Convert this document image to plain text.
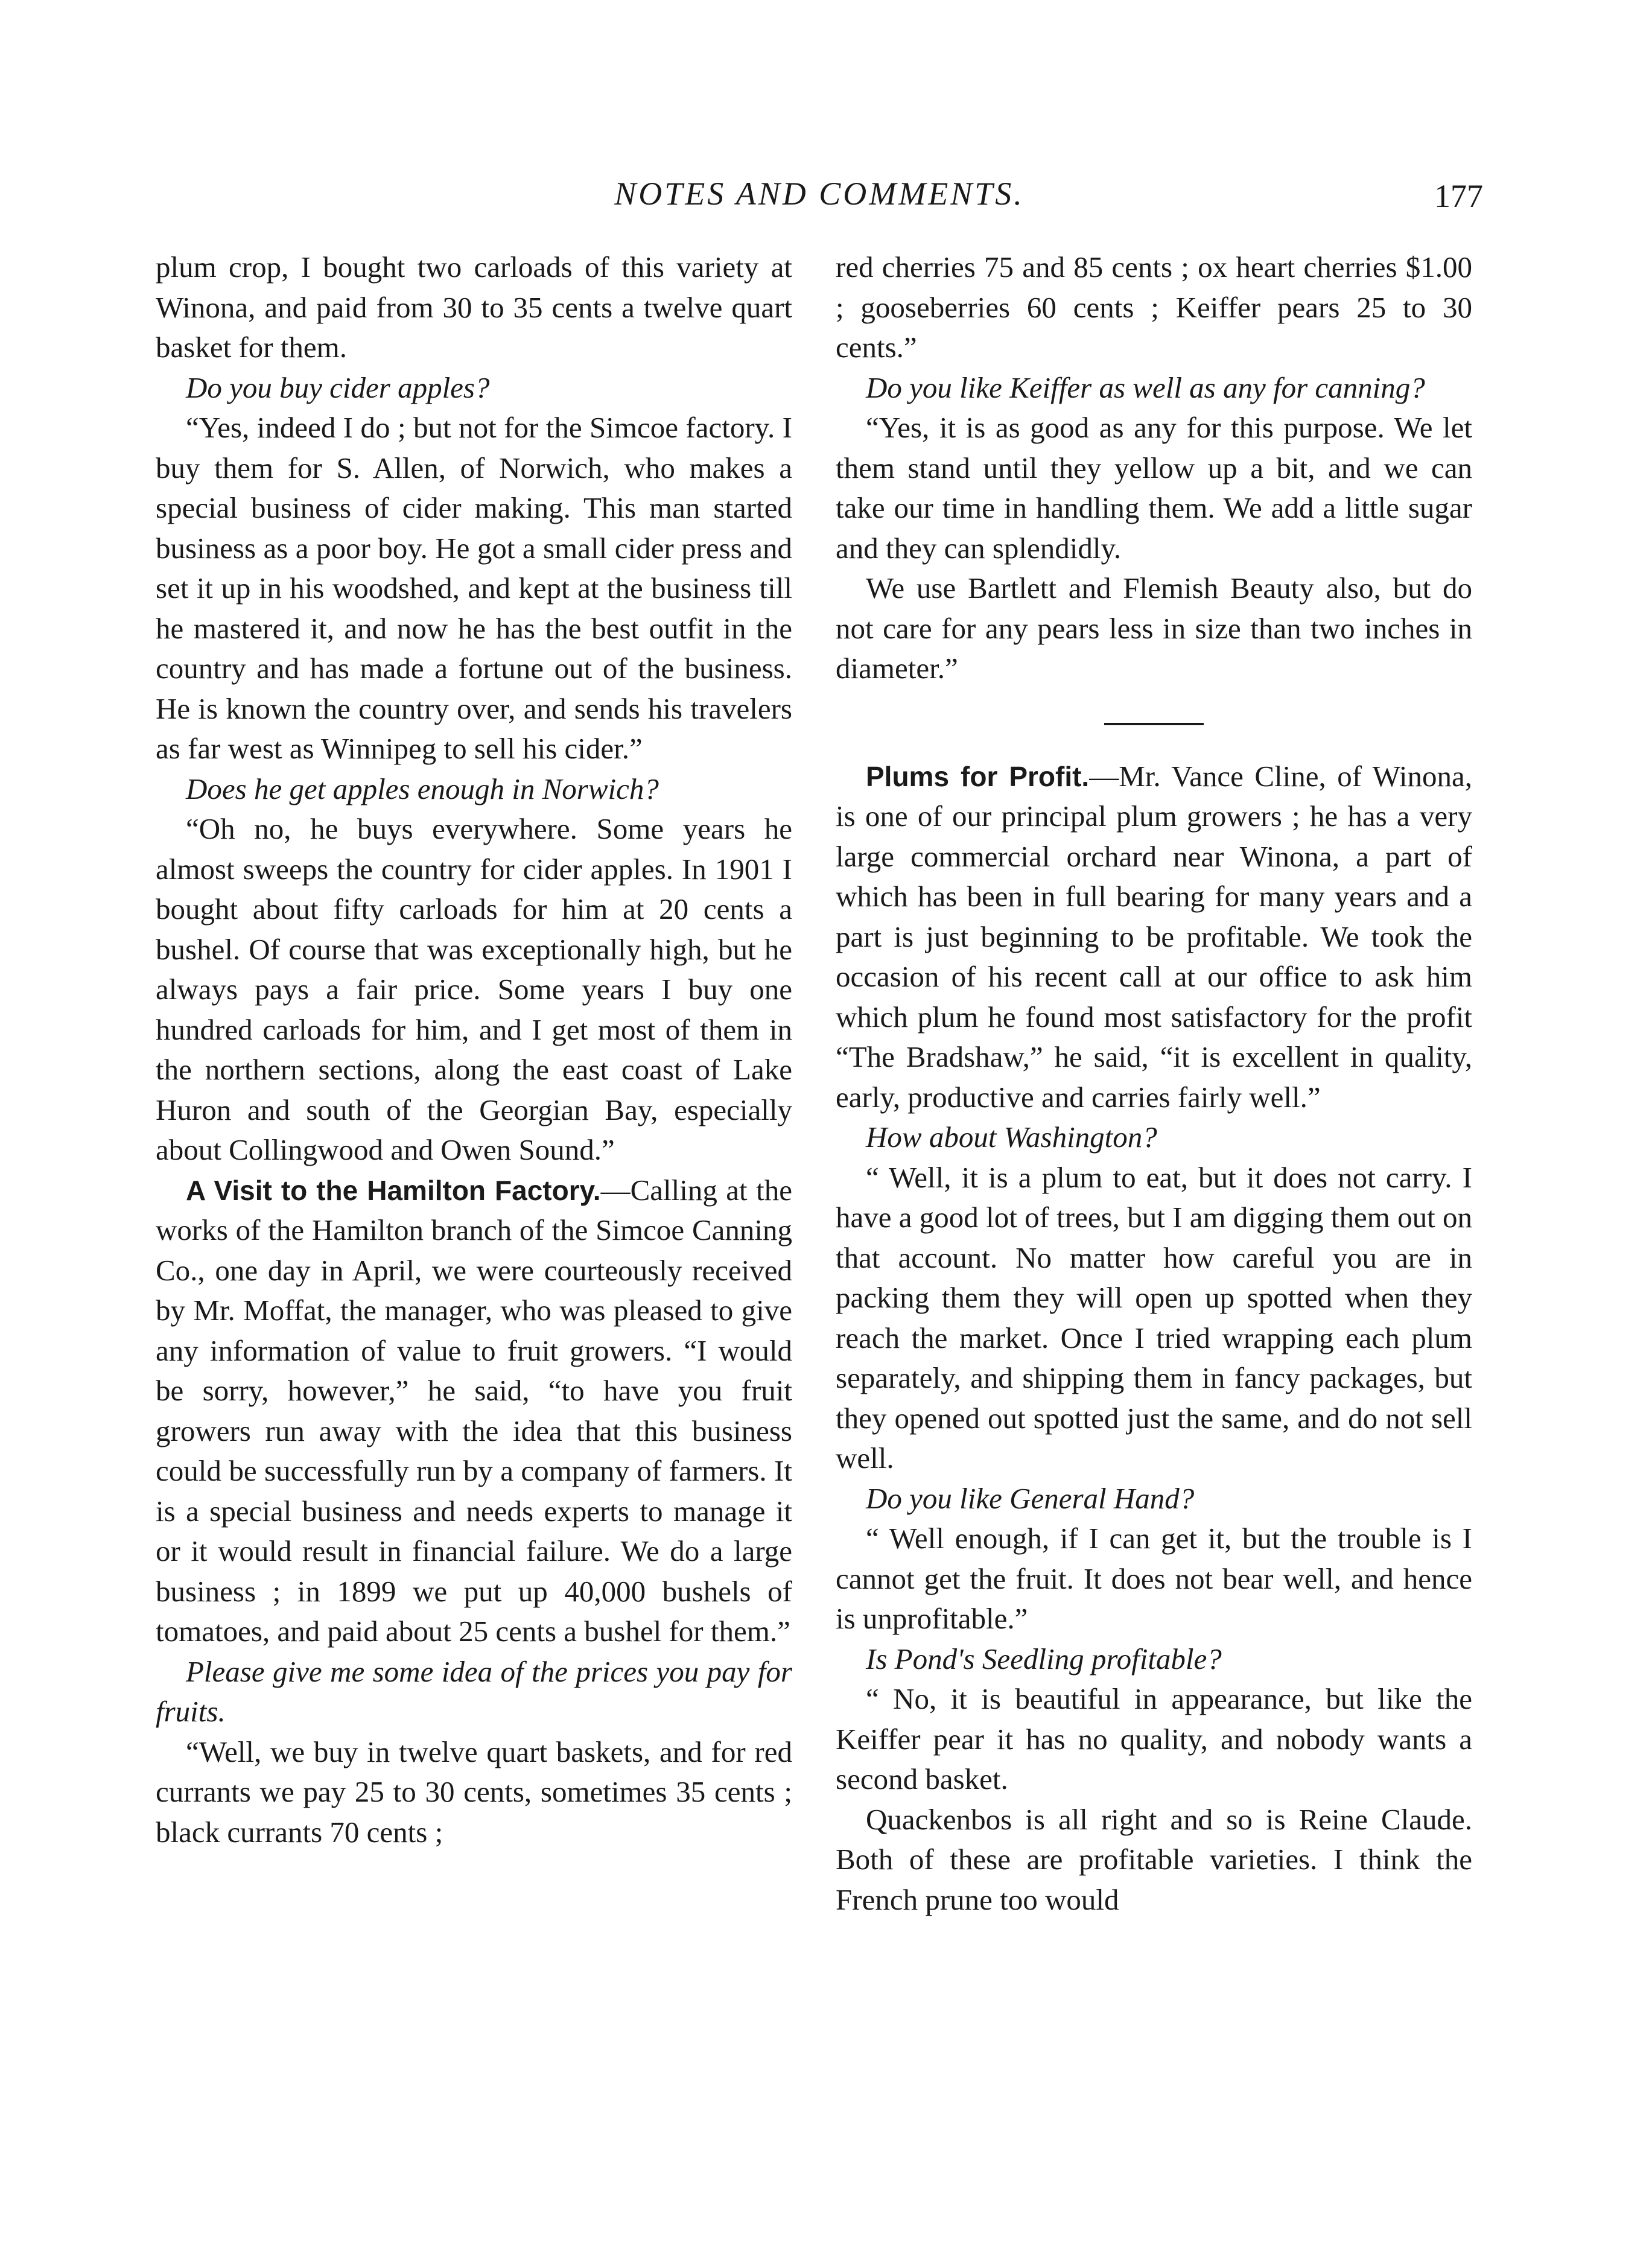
NOTES AND COMMENTS.	177

plum crop, I bought two carloads of this variety at Winona, and paid from 30 to 35 cents a twelve quart basket for them.

Do you buy cider apples?

“Yes, indeed I do ; but not for the Simcoe factory. I buy them for S. Allen, of Norwich, who makes a special business of cider making. This man started business as a poor boy. He got a small cider press and set it up in his woodshed, and kept at the business till he mastered it, and now he has the best outfit in the country and has made a fortune out of the business. He is known the country over, and sends his travelers as far west as Winnipeg to sell his cider.”

Does he get apples enough in Norwich?

“Oh no, he buys everywhere. Some years he almost sweeps the country for cider apples. In 1901 I bought about fifty carloads for him at 20 cents a bushel. Of course that was exceptionally high, but he always pays a fair price. Some years I buy one hundred carloads for him, and I get most of them in the northern sections, along the east coast of Lake Huron and south of the Georgian Bay, especially about Collingwood and Owen Sound.”

A Visit to the Hamilton Factory.—Calling at the works of the Hamilton branch of the Simcoe Canning Co., one day in April, we were courteously received by Mr. Moffat, the manager, who was pleased to give any information of value to fruit growers. “I would be sorry, however,” he said, “to have you fruit growers run away with the idea that this business could be successfully run by a company of farmers. It is a special business and needs experts to manage it or it would result in financial failure. We do a large business ; in 1899 we put up 40,000 bushels of tomatoes, and paid about 25 cents a bushel for them.”

Please give me some idea of the prices you pay for fruits.

“Well, we buy in twelve quart baskets, and for red currants we pay 25 to 30 cents, sometimes 35 cents ; black currants 70 cents ;

red cherries 75 and 85 cents ; ox heart cherries $1.00 ; gooseberries 60 cents ; Keiffer pears 25 to 30 cents.”

Do you like Keiffer as well as any for canning?

“Yes, it is as good as any for this purpose. We let them stand until they yellow up a bit, and we can take our time in handling them. We add a little sugar and they can splendidly.

We use Bartlett and Flemish Beauty also, but do not care for any pears less in size than two inches in diameter.”

Plums for Profit.—Mr. Vance Cline, of Winona, is one of our principal plum growers ; he has a very large commercial orchard near Winona, a part of which has been in full bearing for many years and a part is just beginning to be profitable. We took the occasion of his recent call at our office to ask him which plum he found most satisfactory for the profit “The Bradshaw,” he said, “it is excellent in quality, early, productive and carries fairly well.”

How about Washington?

“ Well, it is a plum to eat, but it does not carry. I have a good lot of trees, but I am digging them out on that account. No matter how careful you are in packing them they will open up spotted when they reach the market. Once I tried wrapping each plum separately, and shipping them in fancy packages, but they opened out spotted just the same, and do not sell well.

Do you like General Hand?

“ Well enough, if I can get it, but the trouble is I cannot get the fruit. It does not bear well, and hence is unprofitable.”

Is Pond's Seedling profitable?

“ No, it is beautiful in appearance, but like the Keiffer pear it has no quality, and nobody wants a second basket.

Quackenbos is all right and so is Reine Claude. Both of these are profitable varieties. I think the French prune too would
